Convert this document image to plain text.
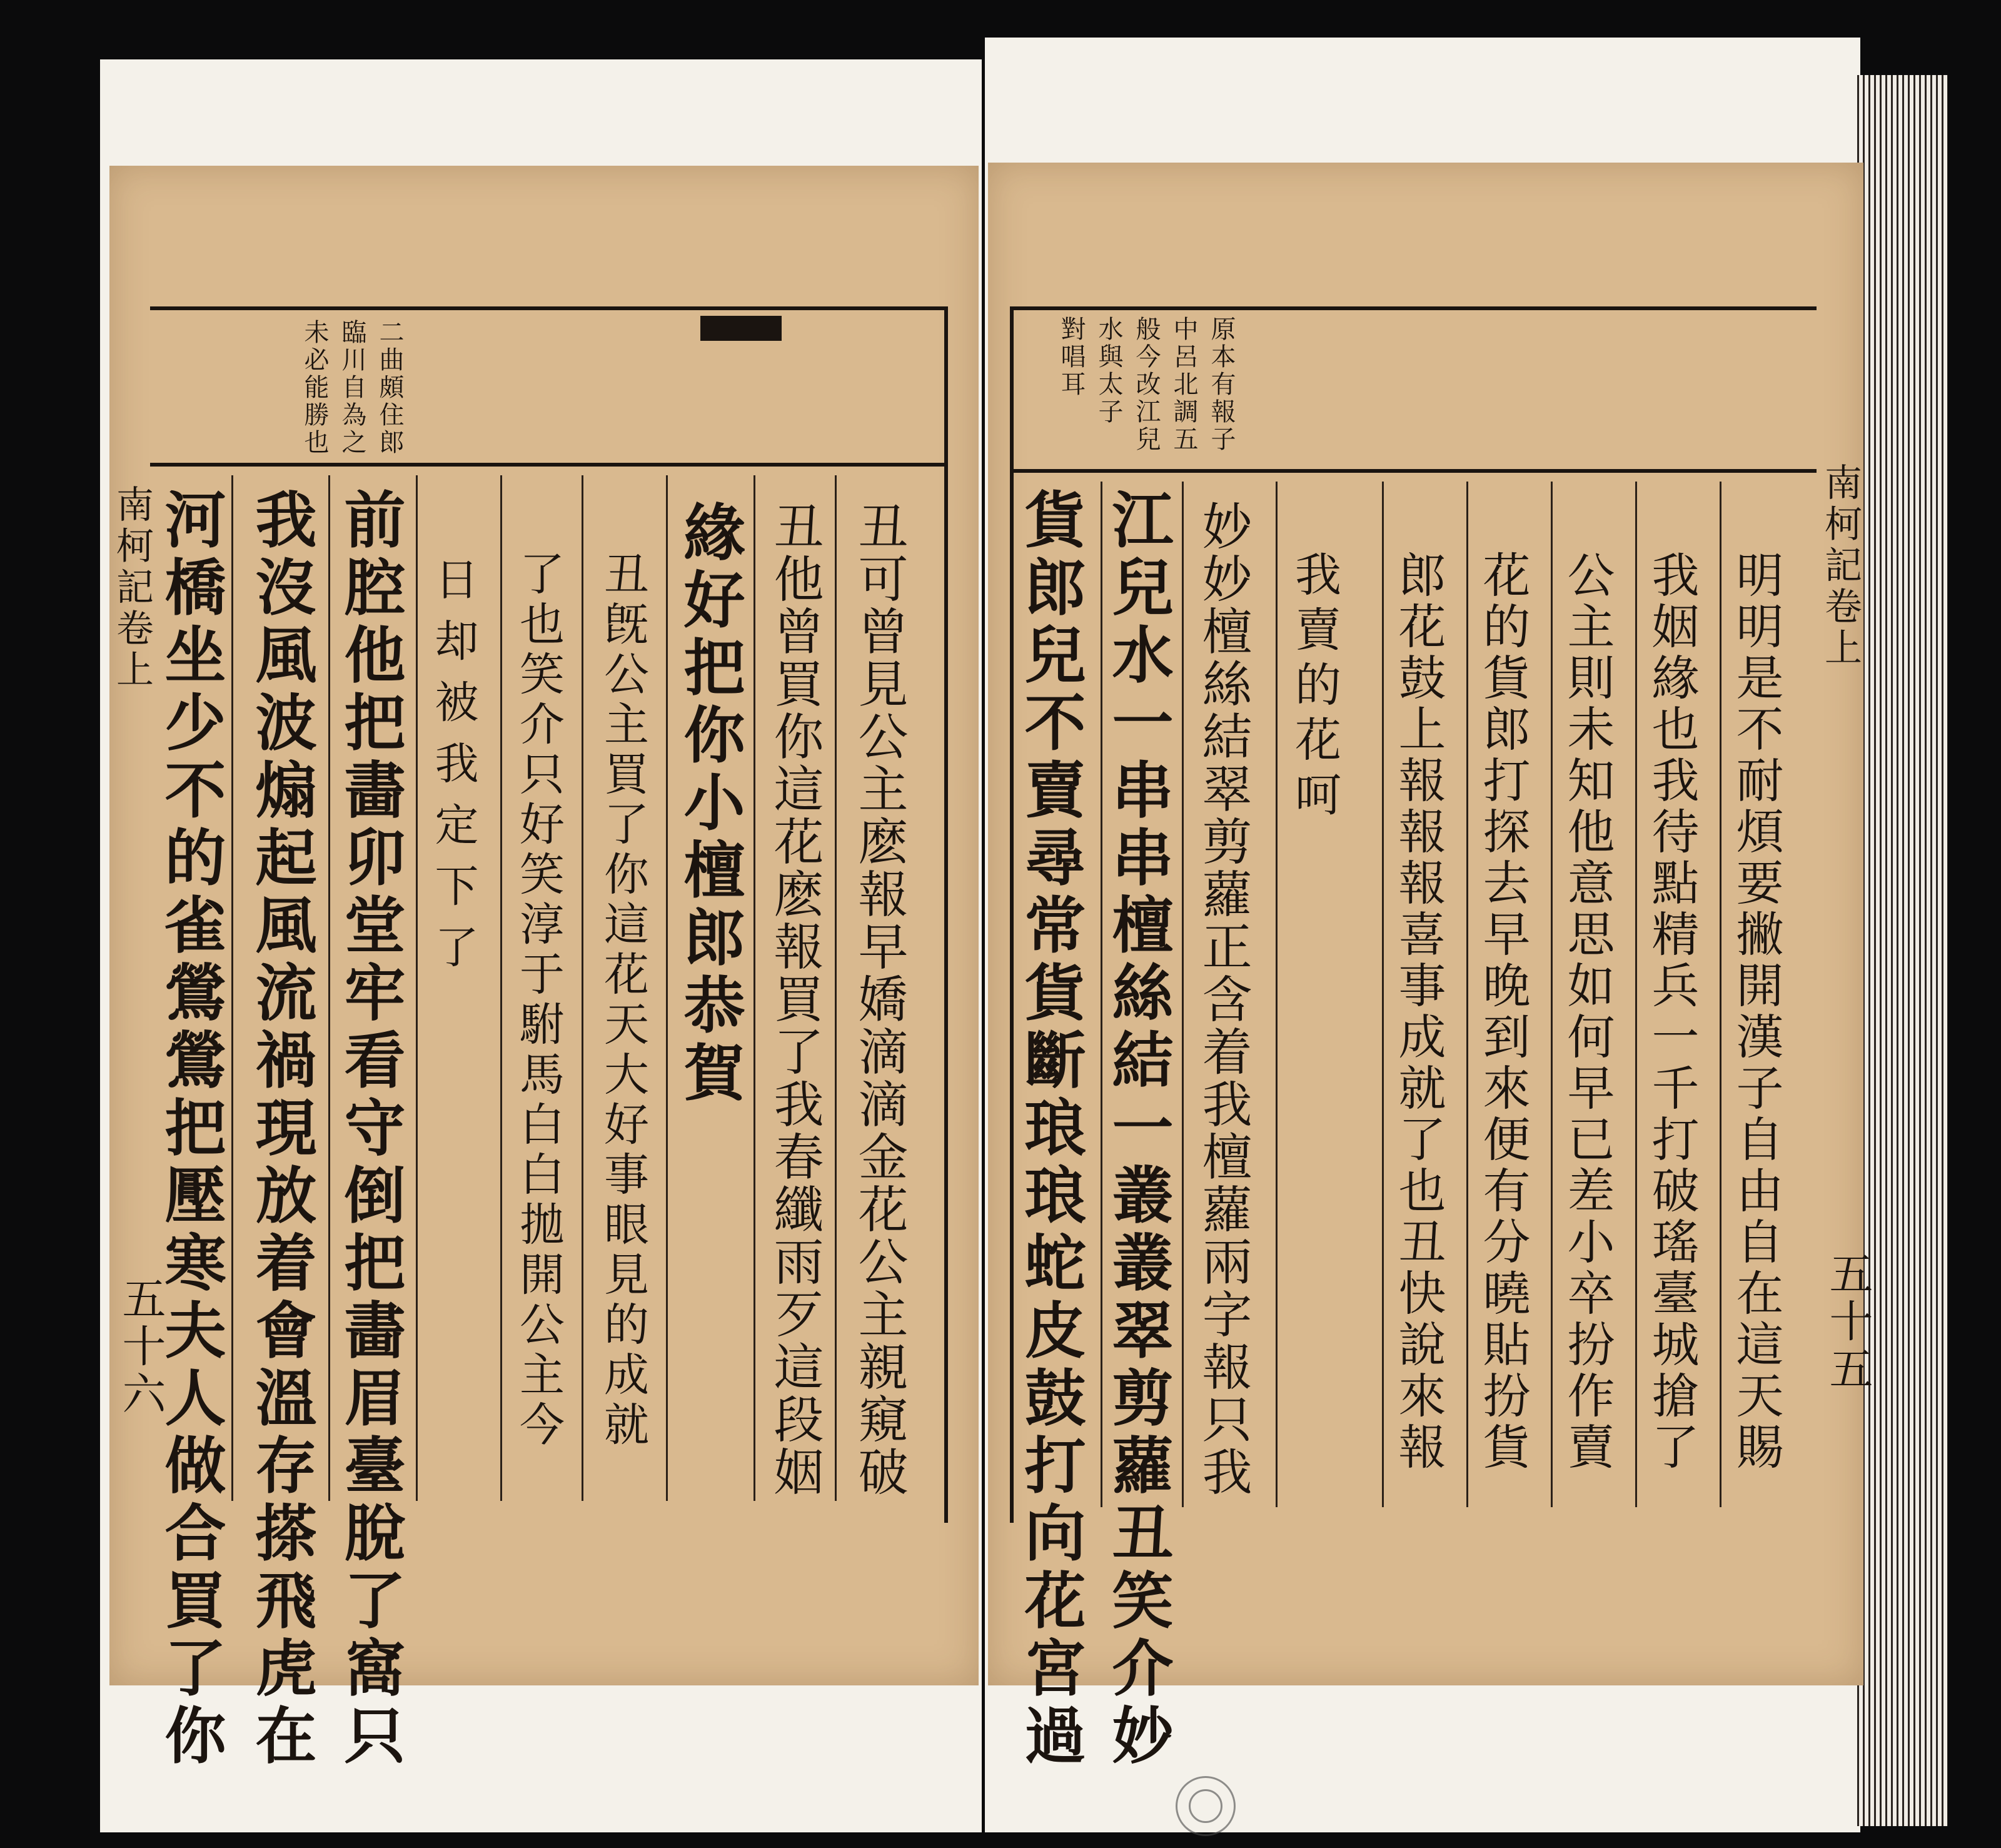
二曲頗住郎
臨川自為之
未必能勝也
南柯記卷上
五十六
河橋坐少不的雀鶯鶯把壓寒夫人做合買了你 我沒風波煽起風流禍現放着會溫存搽飛虎在 前腔他把畵卯堂牢看守倒把畵眉臺脫了窩只 日却被我定下了 了也笑介只好笑淳于駙馬白白拋開公主今 丑旣公主買了你這花天大好事眼見的成就 緣好把你小檀郎恭賀 丑他曾買你這花麽報買了我春纖雨歹這段姻 丑可曾見公主麽報早嬌滴滴金花公主親窺破
原本有報子
中呂北調五
般今改江兒
水與太子
對唱耳
南柯記卷上
五十五
貨郎兒不賣尋常貨斷琅琅蛇皮鼓打向花宮過 江兒水一串串檀絲結一叢叢翠剪蘿丑笑介妙 妙妙檀絲結翠剪蘿正含着我檀蘿兩字報只我 我賣的花呵 郎花鼓上報報報喜事成就了也丑快說來報 花的貨郎打探去早晚到來便有分曉貼扮貨 公主則未知他意思如何早已差小卒扮作賣 我姻緣也我待點精兵一千打破瑤臺城搶了 明明是不耐煩要撇開漢子自由自在這天賜
